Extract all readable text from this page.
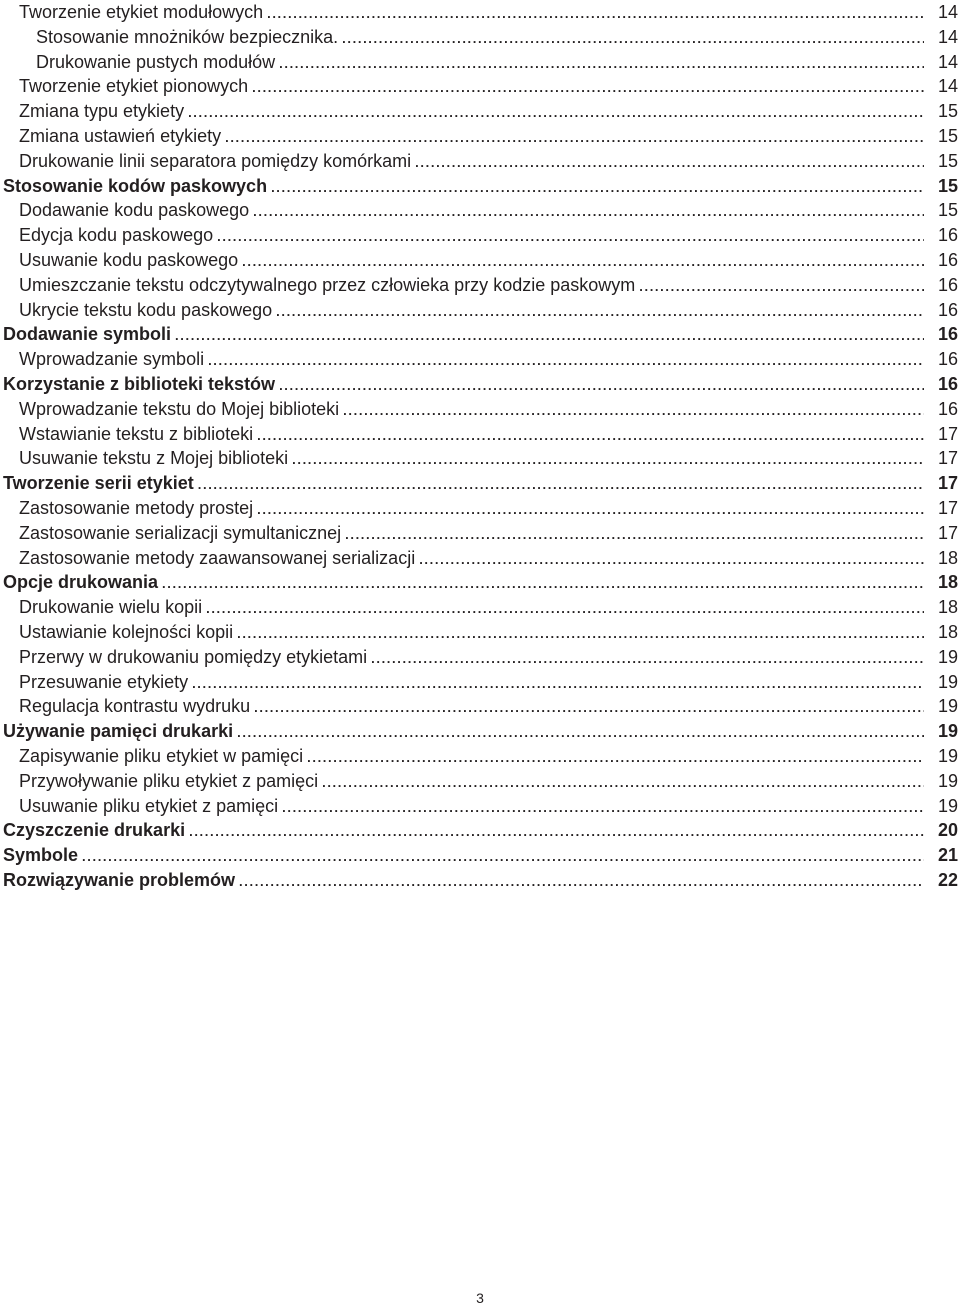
Tworzenie etykiet modułowych . . .	14
Stosowanie mnożników bezpiecznika. . . .	14
Drukowanie pustych modułów . . .	14
Tworzenie etykiet pionowych . . .	14
Zmiana typu etykiety . . .	15
Zmiana ustawień etykiety . . .	15
Drukowanie linii separatora pomiędzy komórkami . . .	15
Stosowanie kodów paskowych . . .	15
Dodawanie kodu paskowego . . .	15
Edycja kodu paskowego . . .	16
Usuwanie kodu paskowego . . .	16
Umieszczanie tekstu odczytywalnego przez człowieka przy kodzie paskowym . . .	16
Ukrycie tekstu kodu paskowego . . .	16
Dodawanie symboli . . .	16
Wprowadzanie symboli . . .	16
Korzystanie z biblioteki tekstów . . .	16
Wprowadzanie tekstu do Mojej biblioteki . . .	16
Wstawianie tekstu z biblioteki . . .	17
Usuwanie tekstu z Mojej biblioteki . . .	17
Tworzenie serii etykiet . . .	17
Zastosowanie metody prostej . . .	17
Zastosowanie serializacji symultanicznej . . .	17
Zastosowanie metody zaawansowanej serializacji . . .	18
Opcje drukowania . . .	18
Drukowanie wielu kopii . . .	18
Ustawianie kolejności kopii . . .	18
Przerwy w drukowaniu pomiędzy etykietami . . .	19
Przesuwanie etykiety . . .	19
Regulacja kontrastu wydruku . . .	19
Używanie pamięci drukarki . . .	19
Zapisywanie pliku etykiet w pamięci . . .	19
Przywoływanie pliku etykiet z pamięci . . .	19
Usuwanie pliku etykiet z pamięci . . .	19
Czyszczenie drukarki . . .	20
Symbole . . .	21
Rozwiązywanie problemów . . .	22
3
